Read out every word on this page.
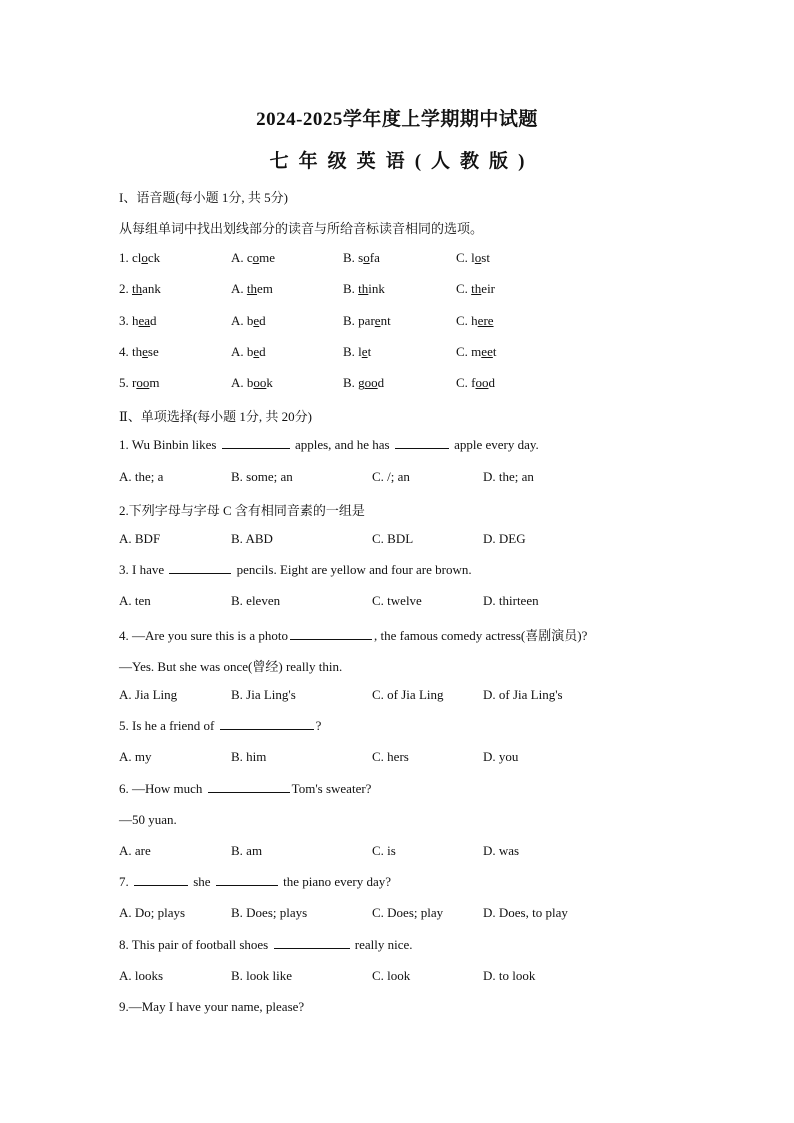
2024-2025学年度上学期期中试题
七 年 级 英 语 ( 人 教 版 )
I、语音题(每小题 1分, 共 5分)
从每组单词中找出划线部分的读音与所给音标读音相同的选项。
1. clock	A. come	B. sofa	C. lost
2. thank	A. them	B. think	C. their
3. head	A. bed	B. parent	C. here
4. these	A. bed	B. let	C. meet
5. room	A. book	B. good	C. food
Ⅱ、单项选择(每小题 1分, 共 20分)
1. Wu Binbin likes	apples, and he has	apple every day.
A. the; a	B. some; an	C. /; an	D. the; an
2.下列字母与字母 C 含有相同音素的一组是
A. BDF	B. ABD	C. BDL	D. DEG
3. I have	pencils. Eight are yellow and four are brown.
A. ten	B. eleven	C. twelve	D. thirteen
4. —Are you sure this is a photo	, the famous comedy actress(喜剧演员)?
—Yes. But she was once(曾经) really thin.
A. Jia Ling	B. Jia Ling's	C. of Jia Ling	D. of Jia Ling's
5. Is he a friend of	?
A. my	B. him	C. hers	D. you
6. —How much	Tom's sweater?
—50 yuan.
A. are	B. am	C. is	D. was
7.	she	the piano every day?
A. Do; plays	B. Does; plays	C. Does; play	D. Does, to play
8. This pair of football shoes	really nice.
A. looks	B. look like	C. look	D. to look
9.—May I have your name, please?
